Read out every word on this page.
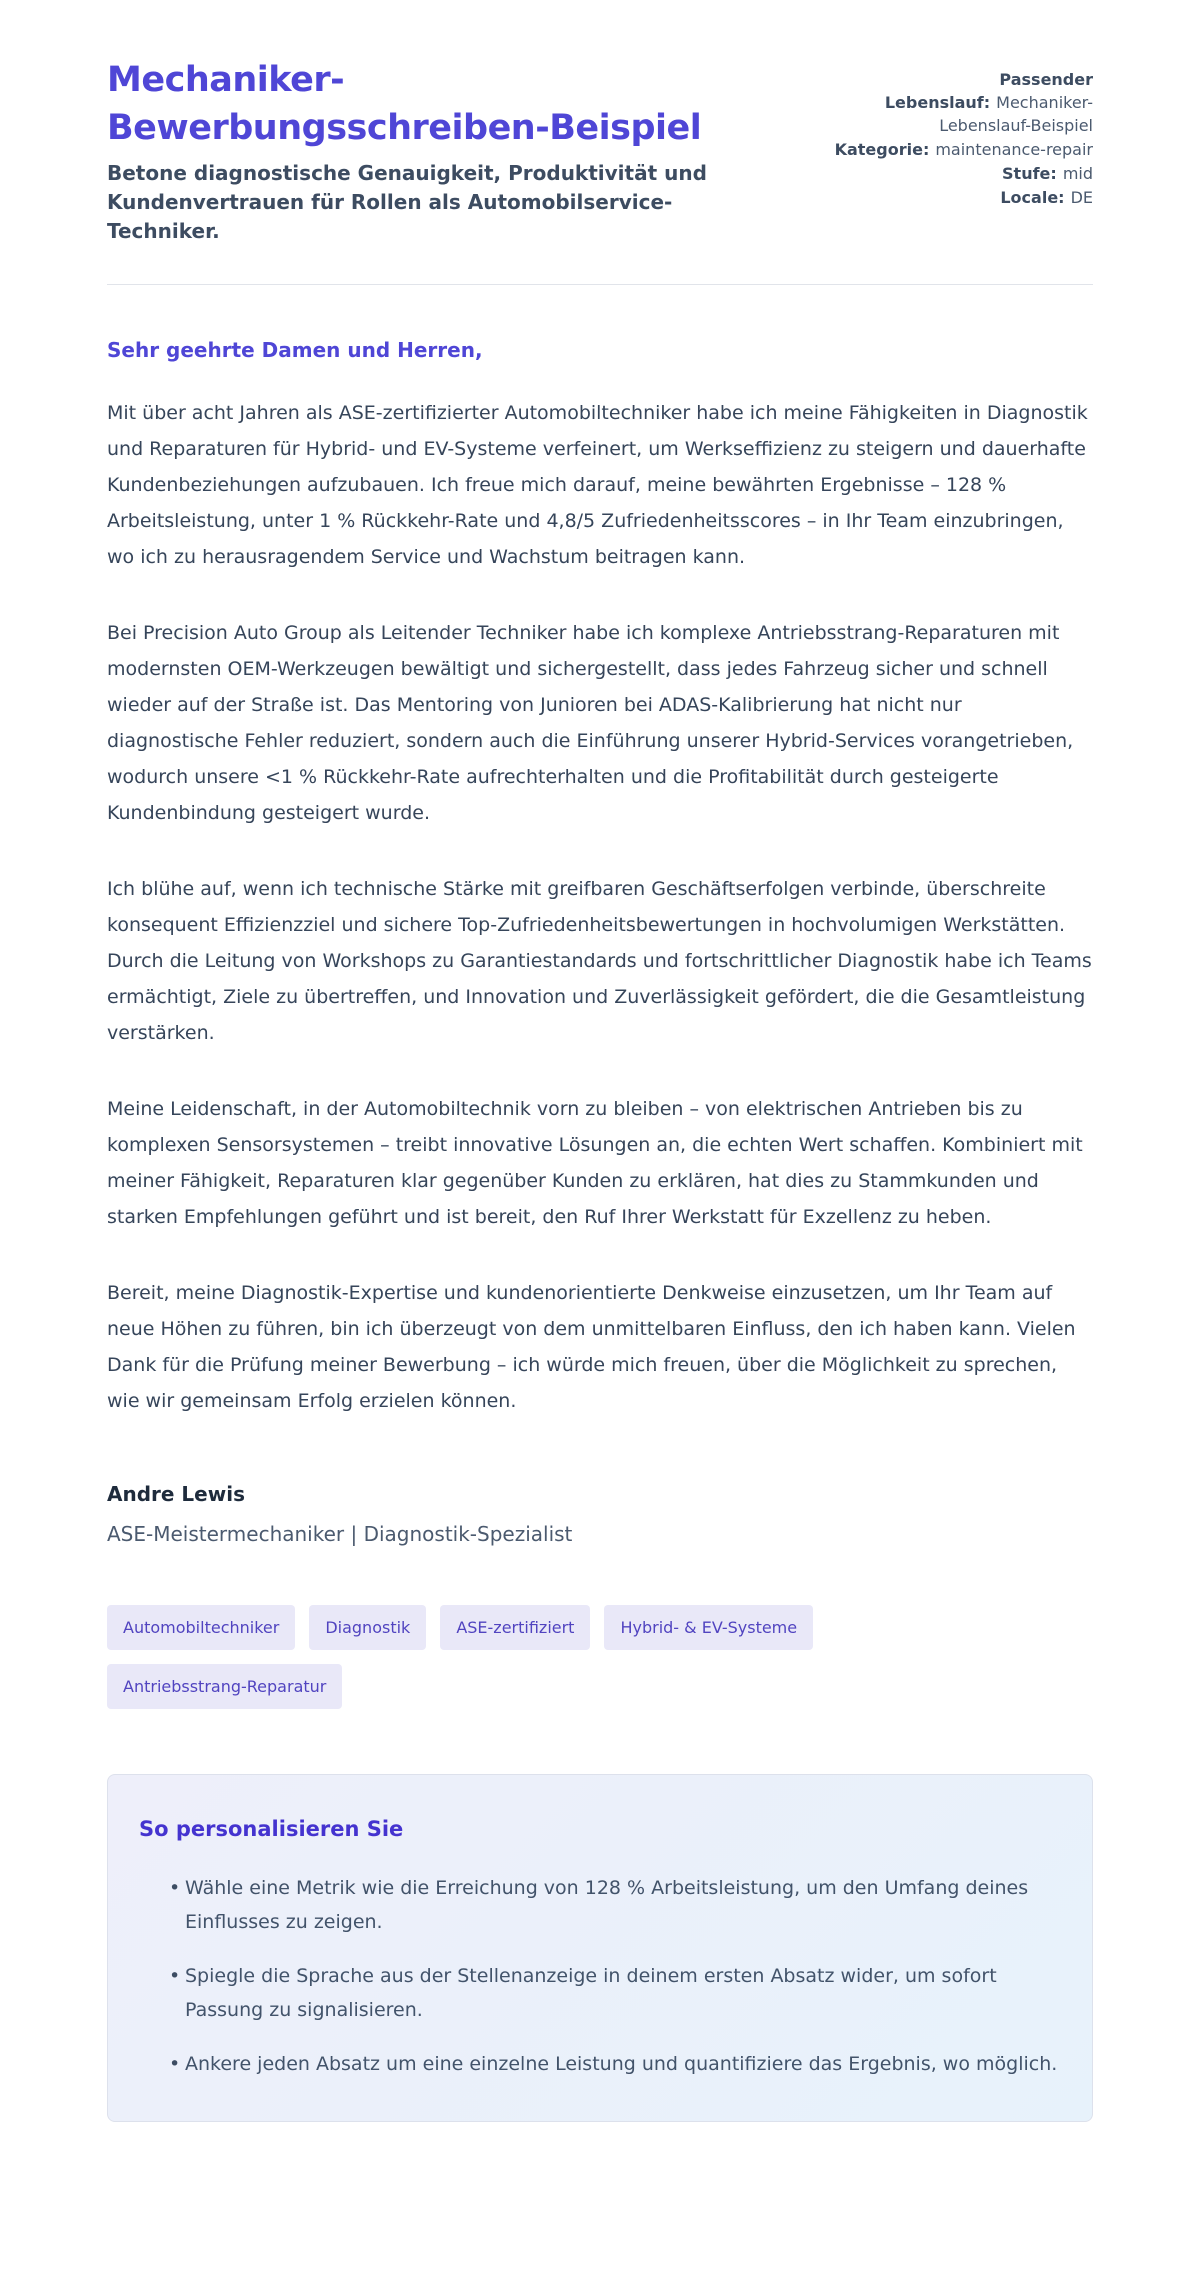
Mechaniker-Bewerbungsschreiben-Beispiel

Betone diagnostische Genauigkeit, Produktivität und Kundenvertrauen für Rollen als Automobilservice-Techniker.

Passender Lebenslauf: Mechaniker-Lebenslauf-Beispiel
Kategorie: maintenance-repair
Stufe: mid
Locale: DE

Sehr geehrte Damen und Herren,

Mit über acht Jahren als ASE-zertifizierter Automobiltechniker habe ich meine Fähigkeiten in Diagnostik und Reparaturen für Hybrid- und EV-Systeme verfeinert, um Werkseffizienz zu steigern und dauerhafte Kundenbeziehungen aufzubauen. Ich freue mich darauf, meine bewährten Ergebnisse – 128 % Arbeitsleistung, unter 1 % Rückkehr-Rate und 4,8/5 Zufriedenheitsscores – in Ihr Team einzubringen, wo ich zu herausragendem Service und Wachstum beitragen kann.

Bei Precision Auto Group als Leitender Techniker habe ich komplexe Antriebsstrang-Reparaturen mit modernsten OEM-Werkzeugen bewältigt und sichergestellt, dass jedes Fahrzeug sicher und schnell wieder auf der Straße ist. Das Mentoring von Junioren bei ADAS-Kalibrierung hat nicht nur diagnostische Fehler reduziert, sondern auch die Einführung unserer Hybrid-Services vorangetrieben, wodurch unsere <1 % Rückkehr-Rate aufrechterhalten und die Profitabilität durch gesteigerte Kundenbindung gesteigert wurde.

Ich blühe auf, wenn ich technische Stärke mit greifbaren Geschäftserfolgen verbinde, überschreite konsequent Effizienzziel und sichere Top-Zufriedenheitsbewertungen in hochvolumigen Werkstätten. Durch die Leitung von Workshops zu Garantiestandards und fortschrittlicher Diagnostik habe ich Teams ermächtigt, Ziele zu übertreffen, und Innovation und Zuverlässigkeit gefördert, die die Gesamtleistung verstärken.

Meine Leidenschaft, in der Automobiltechnik vorn zu bleiben – von elektrischen Antrieben bis zu komplexen Sensorsystemen – treibt innovative Lösungen an, die echten Wert schaffen. Kombiniert mit meiner Fähigkeit, Reparaturen klar gegenüber Kunden zu erklären, hat dies zu Stammkunden und starken Empfehlungen geführt und ist bereit, den Ruf Ihrer Werkstatt für Exzellenz zu heben.

Bereit, meine Diagnostik-Expertise und kundenorientierte Denkweise einzusetzen, um Ihr Team auf neue Höhen zu führen, bin ich überzeugt von dem unmittelbaren Einfluss, den ich haben kann. Vielen Dank für die Prüfung meiner Bewerbung – ich würde mich freuen, über die Möglichkeit zu sprechen, wie wir gemeinsam Erfolg erzielen können.

Andre Lewis

ASE-Meistermechaniker | Diagnostik-Spezialist

Automobiltechniker	Diagnostik	ASE-zertifiziert	Hybrid- & EV-Systeme
Antriebsstrang-Reparatur
So personalisieren Sie
• Wähle eine Metrik wie die Erreichung von 128 % Arbeitsleistung, um den Umfang deines Einflusses zu zeigen.
• Spiegle die Sprache aus der Stellenanzeige in deinem ersten Absatz wider, um sofort Passung zu signalisieren.
• Ankere jeden Absatz um eine einzelne Leistung und quantifiziere das Ergebnis, wo möglich.
